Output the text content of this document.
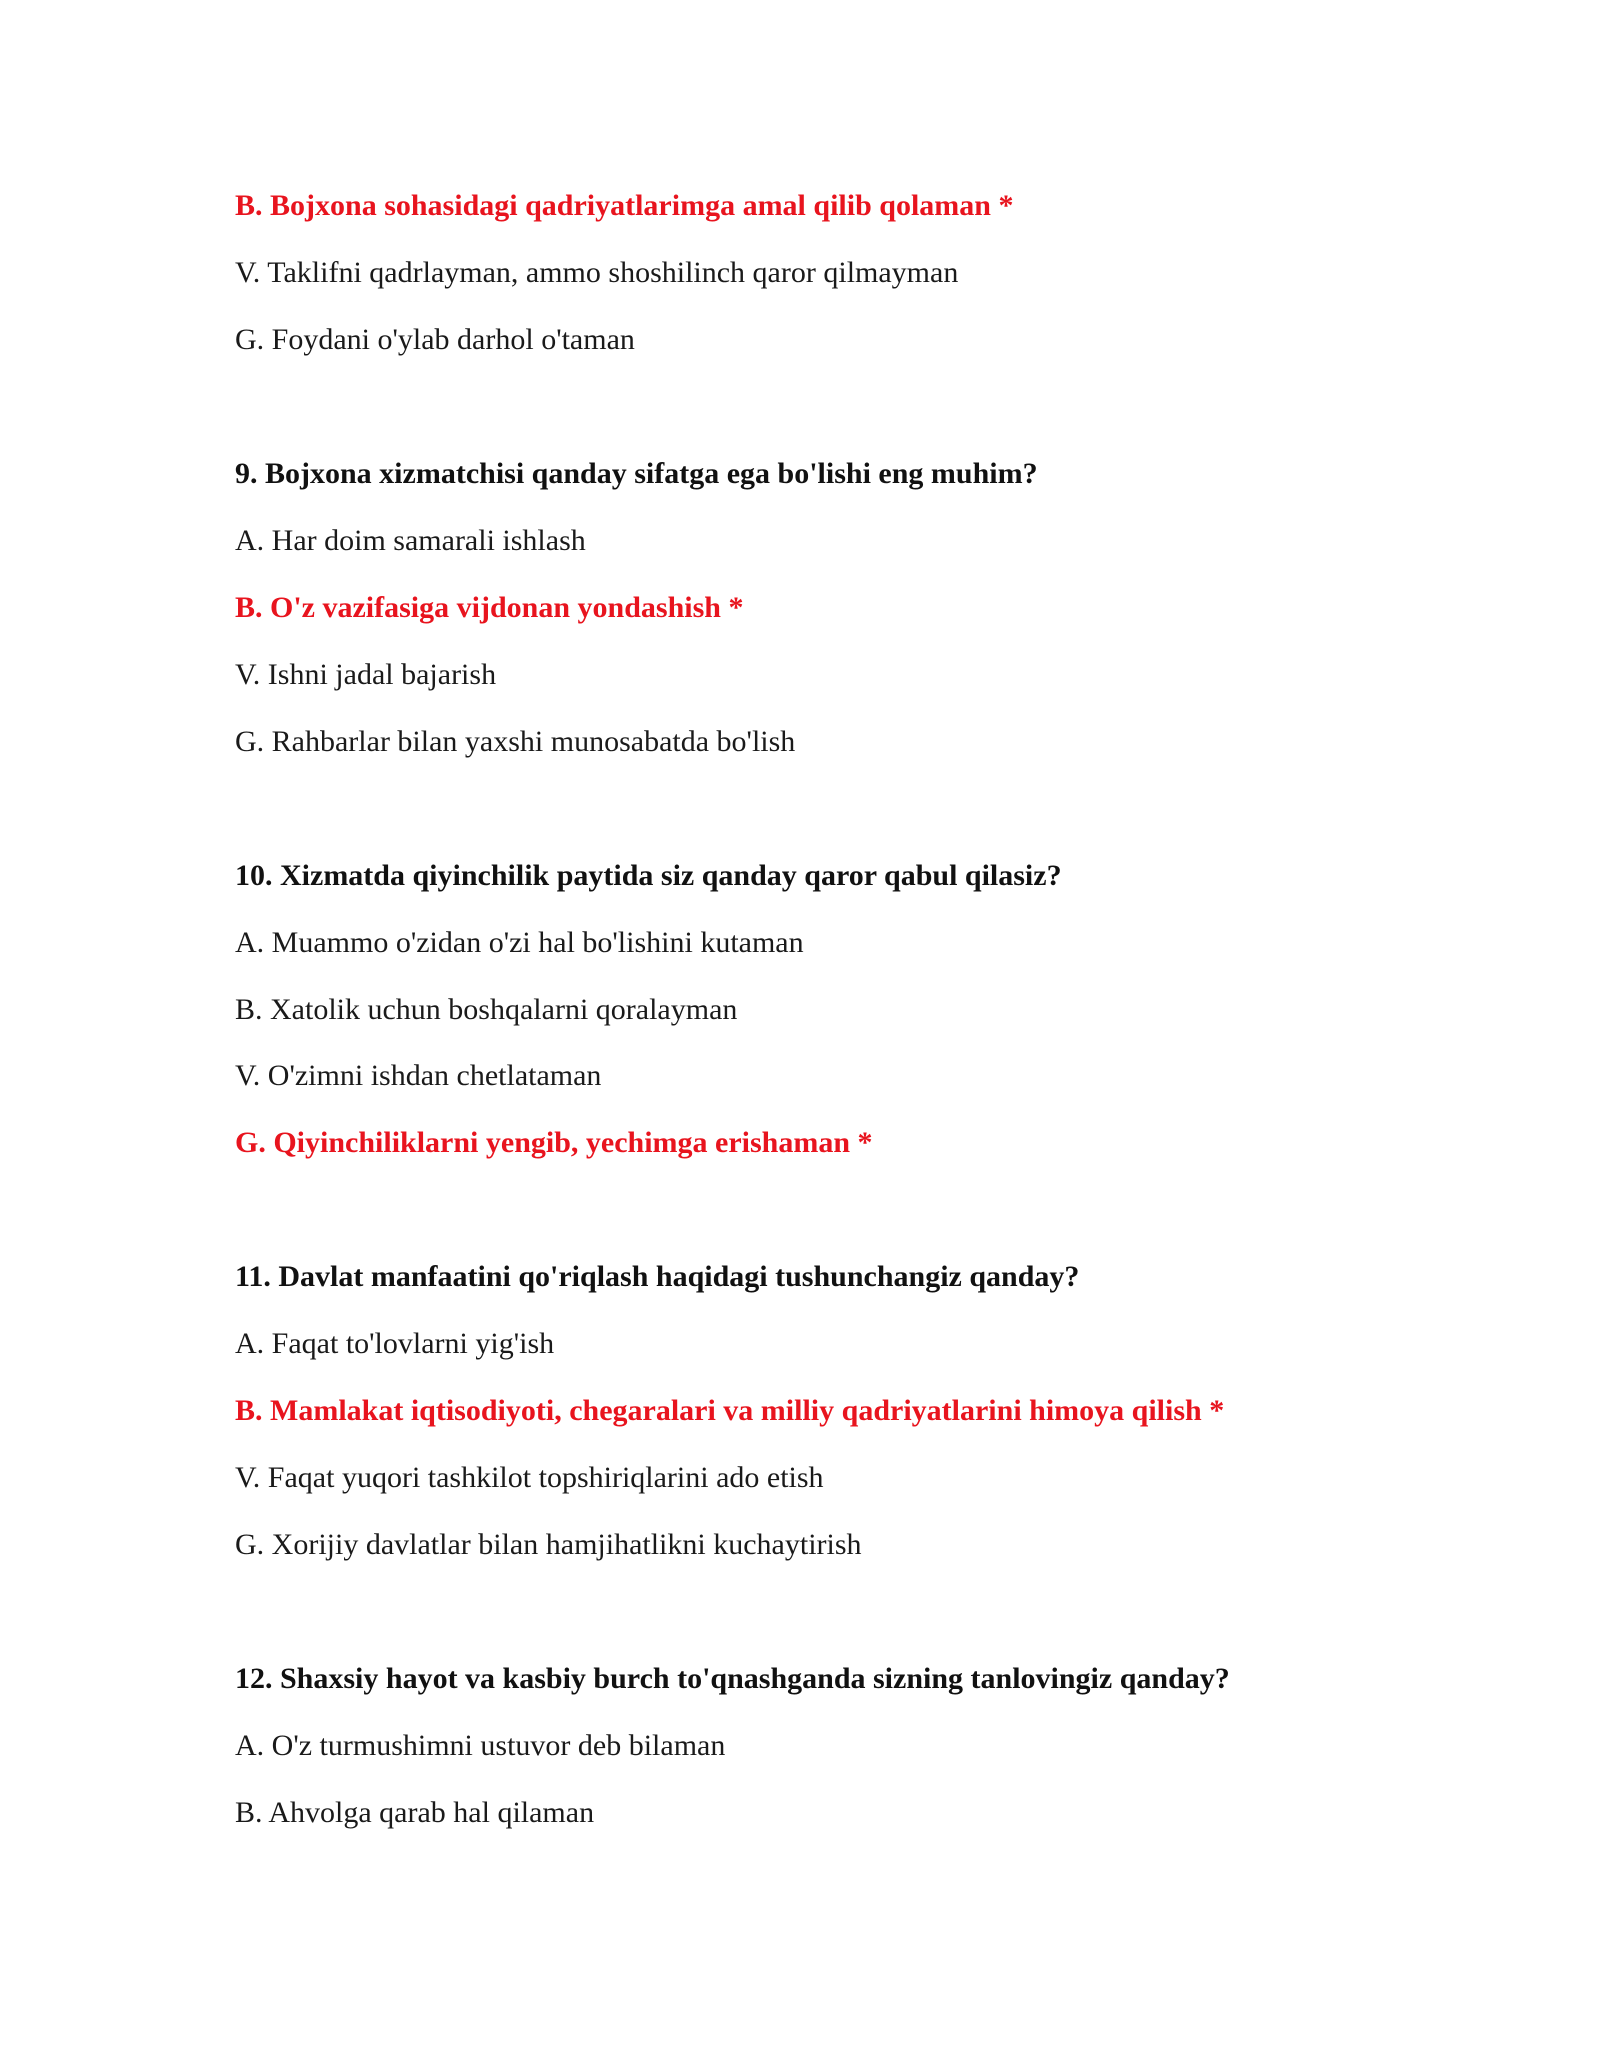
B. Bojxona sohasidagi qadriyatlarimga amal qilib qolaman *
V. Taklifni qadrlayman, ammo shoshilinch qaror qilmayman
G. Foydani o'ylab darhol o'taman
9. Bojxona xizmatchisi qanday sifatga ega bo'lishi eng muhim?
A. Har doim samarali ishlash
B. O'z vazifasiga vijdonan yondashish *
V. Ishni jadal bajarish
G. Rahbarlar bilan yaxshi munosabatda bo'lish
10. Xizmatda qiyinchilik paytida siz qanday qaror qabul qilasiz?
A. Muammo o'zidan o'zi hal bo'lishini kutaman
B. Xatolik uchun boshqalarni qoralayman
V. O'zimni ishdan chetlataman
G. Qiyinchiliklarni yengib, yechimga erishaman *
11. Davlat manfaatini qo'riqlash haqidagi tushunchangiz qanday?
A. Faqat to'lovlarni yig'ish
B. Mamlakat iqtisodiyoti, chegaralari va milliy qadriyatlarini himoya qilish *
V. Faqat yuqori tashkilot topshiriqlarini ado etish
G. Xorijiy davlatlar bilan hamjihatlikni kuchaytirish
12. Shaxsiy hayot va kasbiy burch to'qnashganda sizning tanlovingiz qanday?
A. O'z turmushimni ustuvor deb bilaman
B. Ahvolga qarab hal qilaman
